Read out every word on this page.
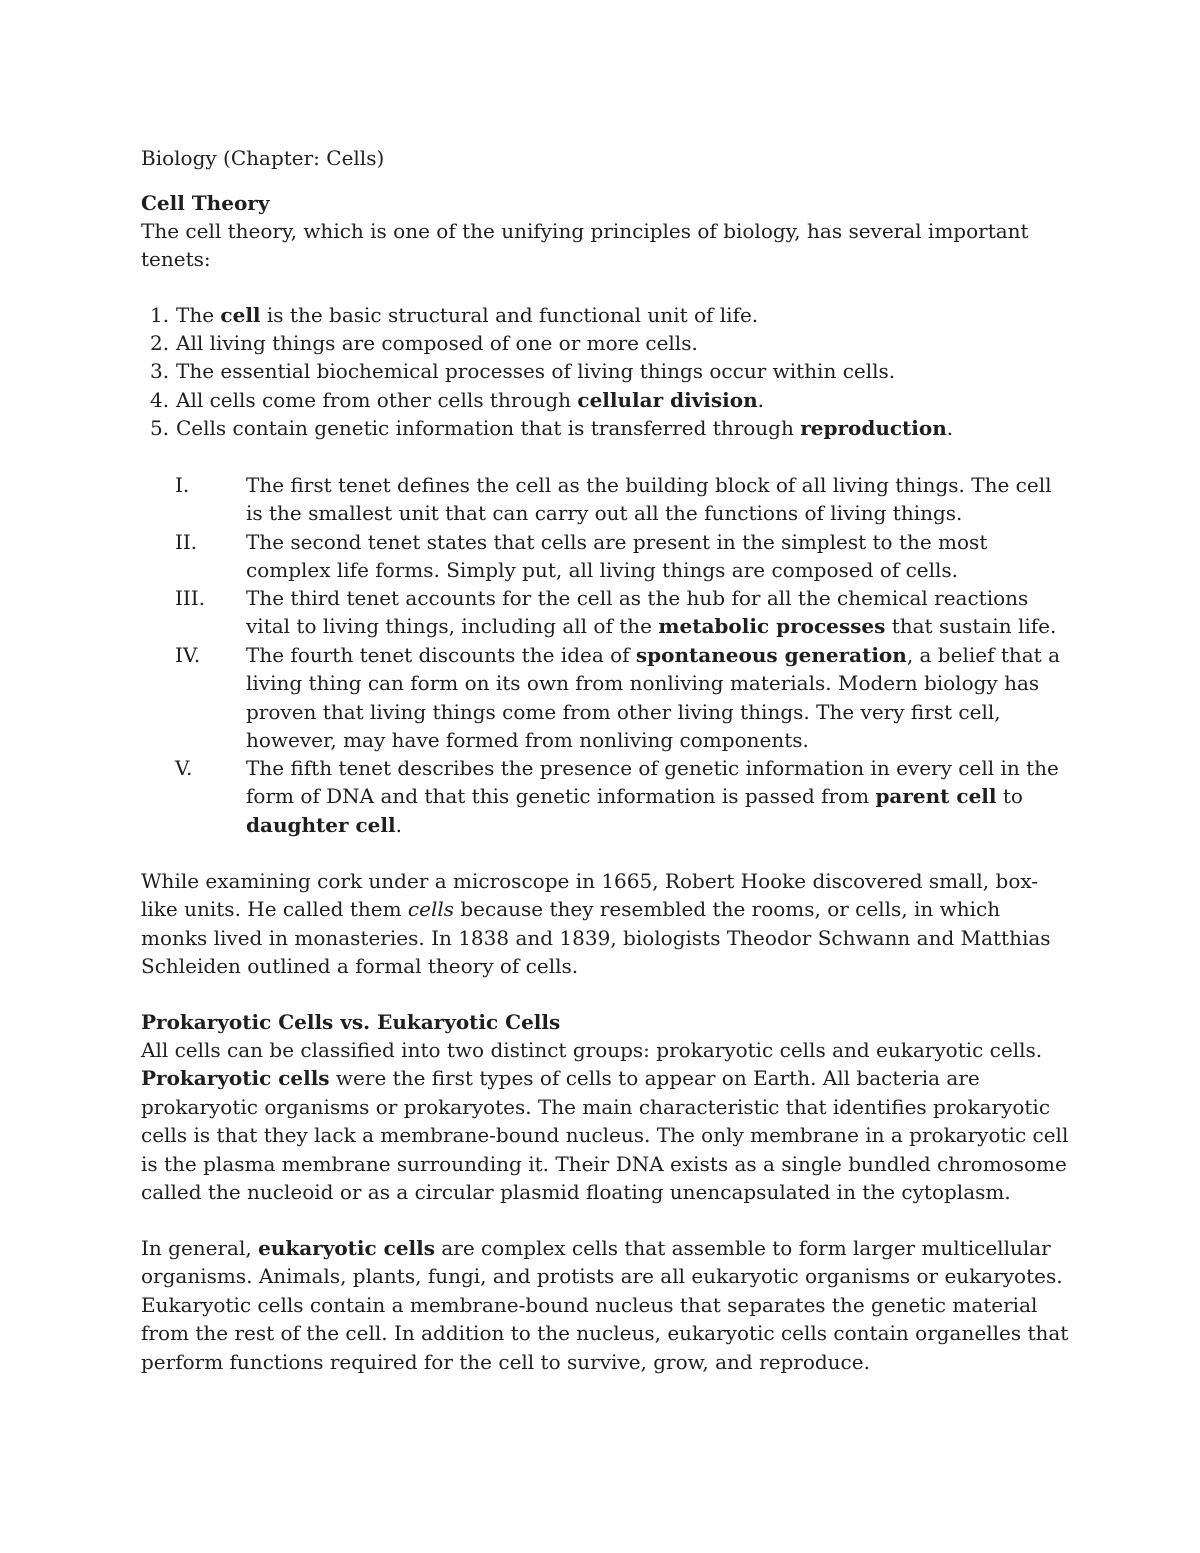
Biology (Chapter: Cells)

Cell Theory

The cell theory, which is one of the unifying principles of biology, has several important tenets:

1. The cell is the basic structural and functional unit of life.
2. All living things are composed of one or more cells.
3. The essential biochemical processes of living things occur within cells.
4. All cells come from other cells through cellular division.
5. Cells contain genetic information that is transferred through reproduction.
I.	The first tenet defines the cell as the building block of all living things. The cell is the smallest unit that can carry out all the functions of living things.
II. The second tenet states that cells are present in the simplest to the most complex life forms. Simply put, all living things are composed of cells.
III. The third tenet accounts for the cell as the hub for all the chemical reactions vital to living things, including all of the metabolic processes that sustain life.
IV. The fourth tenet discounts the idea of spontaneous generation, a belief that a living thing can form on its own from nonliving materials. Modern biology has proven that living things come from other living things. The very first cell, however, may have formed from nonliving components.
V.	The fifth tenet describes the presence of genetic information in every cell in the form of DNA and that this genetic information is passed from parent cell to daughter cell.

While examining cork under a microscope in 1665, Robert Hooke discovered small, box-like units. He called them cells because they resembled the rooms, or cells, in which monks lived in monasteries. In 1838 and 1839, biologists Theodor Schwann and Matthias Schleiden outlined a formal theory of cells.

Prokaryotic Cells vs. Eukaryotic Cells

All cells can be classified into two distinct groups: prokaryotic cells and eukaryotic cells. Prokaryotic cells were the first types of cells to appear on Earth. All bacteria are prokaryotic organisms or prokaryotes. The main characteristic that identifies prokaryotic cells is that they lack a membrane-bound nucleus. The only membrane in a prokaryotic cell is the plasma membrane surrounding it. Their DNA exists as a single bundled chromosome called the nucleoid or as a circular plasmid floating unencapsulated in the cytoplasm.

In general, eukaryotic cells are complex cells that assemble to form larger multicellular organisms. Animals, plants, fungi, and protists are all eukaryotic organisms or eukaryotes. Eukaryotic cells contain a membrane-bound nucleus that separates the genetic material from the rest of the cell. In addition to the nucleus, eukaryotic cells contain organelles that perform functions required for the cell to survive, grow, and reproduce.
